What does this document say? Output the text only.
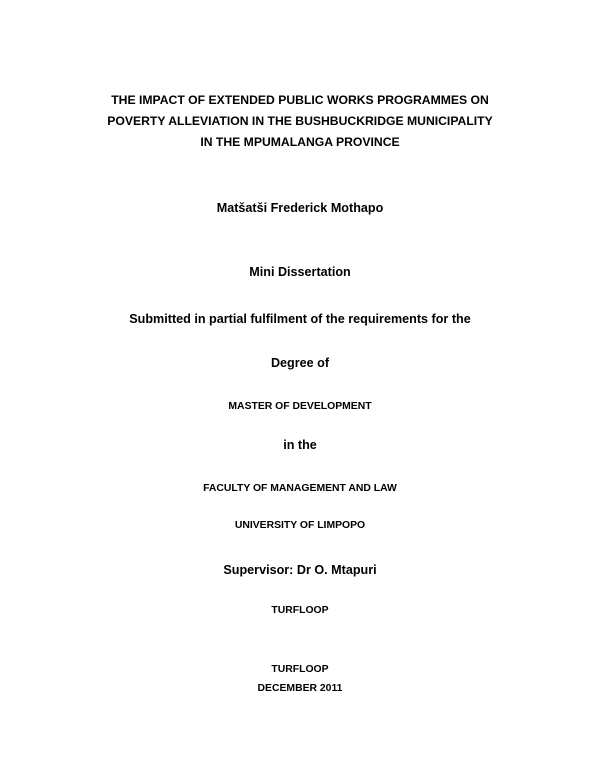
THE IMPACT OF EXTENDED PUBLIC WORKS PROGRAMMES ON
POVERTY ALLEVIATION IN THE BUSHBUCKRIDGE MUNICIPALITY
IN THE MPUMALANGA PROVINCE
Matšatši Frederick Mothapo
Mini Dissertation
Submitted in partial fulfilment of the requirements for the
Degree of
MASTER OF DEVELOPMENT
in the
FACULTY OF MANAGEMENT AND LAW
UNIVERSITY OF LIMPOPO
Supervisor: Dr O. Mtapuri
TURFLOOP
TURFLOOP
DECEMBER 2011
